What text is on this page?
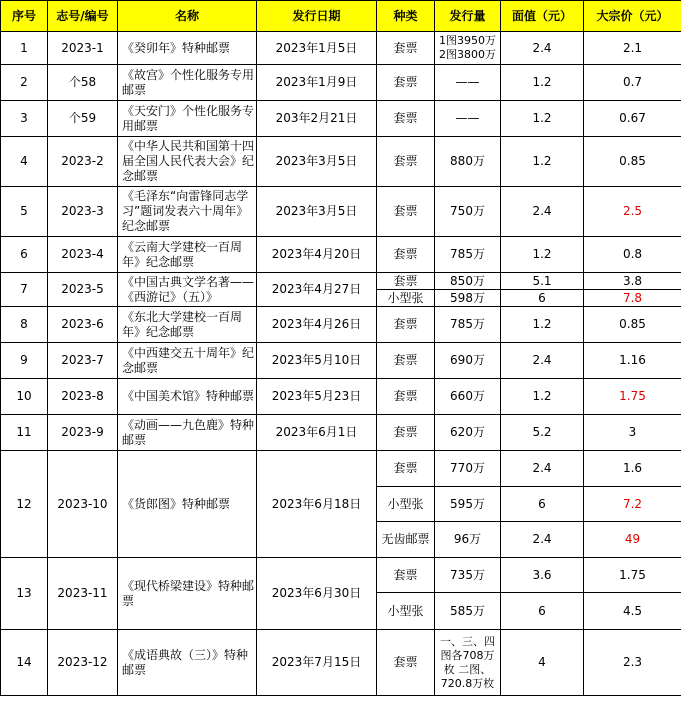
序号	志号/编号	名称	发行日期	种类	发行量	面值（元）	大宗价（元）
1	2023-1	《癸卯年》特种邮票	2023年1月5日	套票	1图3950万 2图3800万	2.4	2.1
2	个58	《故宫》个性化服务专用邮票	2023年1月9日	套票	——	1.2	0.7
3	个59	《天安门》个性化服务专用邮票	203年2月21日	套票	——	1.2	0.67
4	2023-2	《中华人民共和国第十四届全国人民代表大会》纪念邮票	2023年3月5日	套票	880万	1.2	0.85
5	2023-3	《毛泽东“向雷锋同志学习”题词发表六十周年》纪念邮票	2023年3月5日	套票	750万	2.4	2.5
6	2023-4	《云南大学建校一百周年》纪念邮票	2023年4月20日	套票	785万	1.2	0.8
7	2023-5	《中国古典文学名著——《西游记》（五）》	2023年4月27日	套票	850万	5.1	3.8
				小型张	598万	6	7.8
8	2023-6	《东北大学建校一百周年》纪念邮票	2023年4月26日	套票	785万	1.2	0.85
9	2023-7	《中西建交五十周年》纪念邮票	2023年5月10日	套票	690万	2.4	1.16
10	2023-8	《中国美术馆》特种邮票	2023年5月23日	套票	660万	1.2	1.75
11	2023-9	《动画——九色鹿》特种邮票	2023年6月1日	套票	620万	5.2	3
12	2023-10	《货郎图》特种邮票	2023年6月18日	套票	770万	2.4	1.6
				小型张	595万	6	7.2
				无齿邮票	96万	2.4	49
13	2023-11	《现代桥梁建设》特种邮票	2023年6月30日	套票	735万	3.6	1.75
				小型张	585万	6	4.5
14	2023-12	《成语典故（三）》特种邮票	2023年7月15日	套票	一、三、四图各708万枚 二图、720.8万枚	4	2.3
